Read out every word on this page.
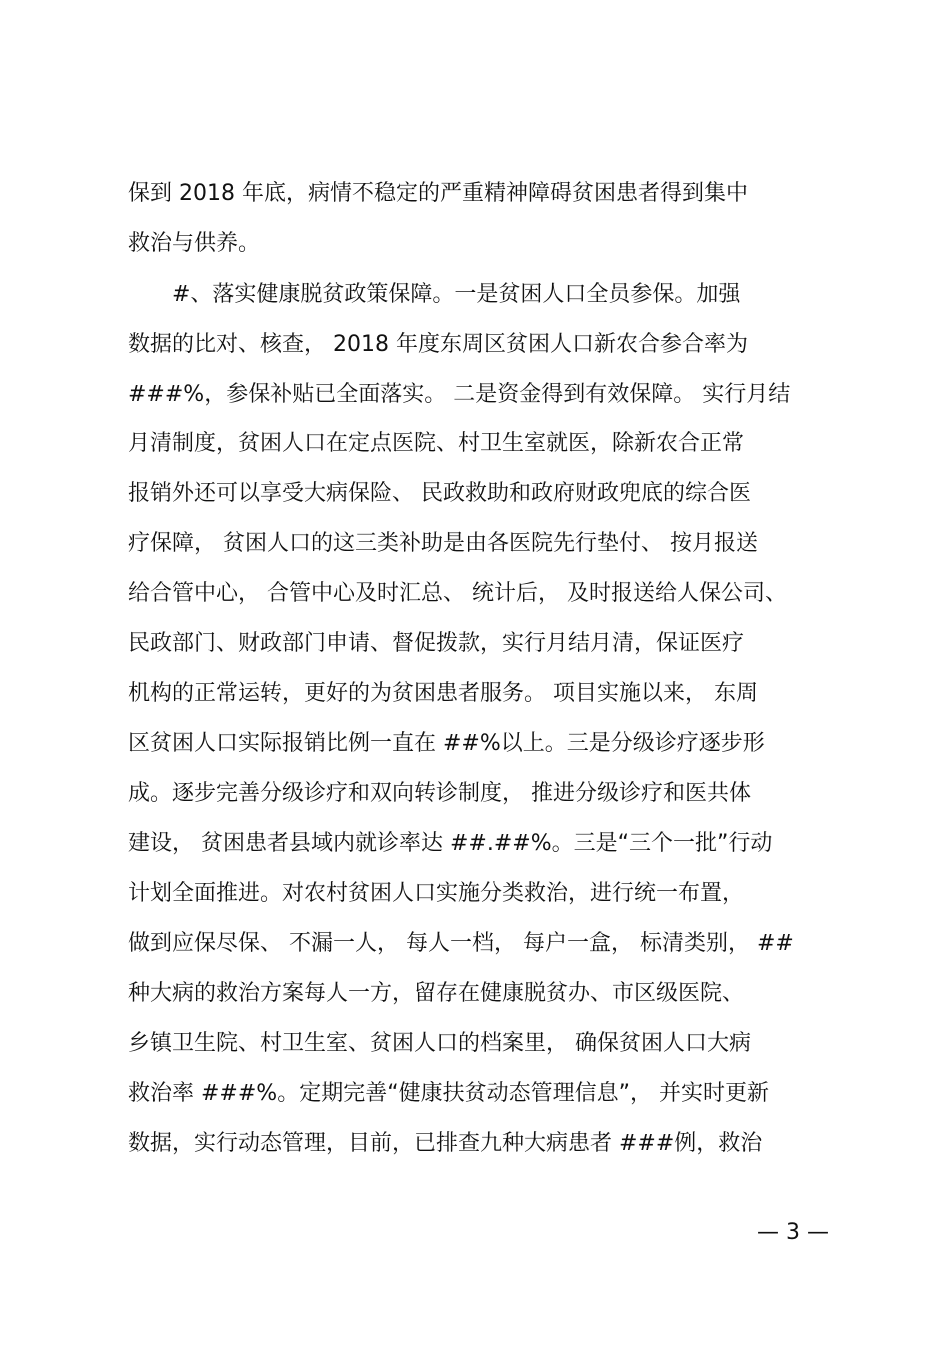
保到 2018 年底，病情不稳定的严重精神障碍贫困患者得到集中
救治与供养。
#、落实健康脱贫政策保障。一是贫困人口全员参保。加强
数据的比对、核查， 2018 年度东周区贫困人口新农合参合率为
###%，参保补贴已全面落实。 二是资金得到有效保障。 实行月结
月清制度，贫困人口在定点医院、村卫生室就医，除新农合正常
报销外还可以享受大病保险、 民政救助和政府财政兜底的综合医
疗保障， 贫困人口的这三类补助是由各医院先行垫付、 按月报送
给合管中心， 合管中心及时汇总、 统计后， 及时报送给人保公司、
民政部门、财政部门申请、督促拨款，实行月结月清，保证医疗
机构的正常运转，更好的为贫困患者服务。 项目实施以来， 东周
区贫困人口实际报销比例一直在 ##%以上。三是分级诊疗逐步形
成。逐步完善分级诊疗和双向转诊制度， 推进分级诊疗和医共体
建设， 贫困患者县域内就诊率达 ##.##%。三是“三个一批”行动
计划全面推进。对农村贫困人口实施分类救治，进行统一布置，
做到应保尽保、 不漏一人， 每人一档， 每户一盒， 标清类别， ##
种大病的救治方案每人一方，留存在健康脱贫办、市区级医院、
乡镇卫生院、村卫生室、贫困人口的档案里， 确保贫困人口大病
救治率 ###%。定期完善“健康扶贫动态管理信息”， 并实时更新
数据，实行动态管理，目前，已排查九种大病患者 ###例，救治
— 3 —
